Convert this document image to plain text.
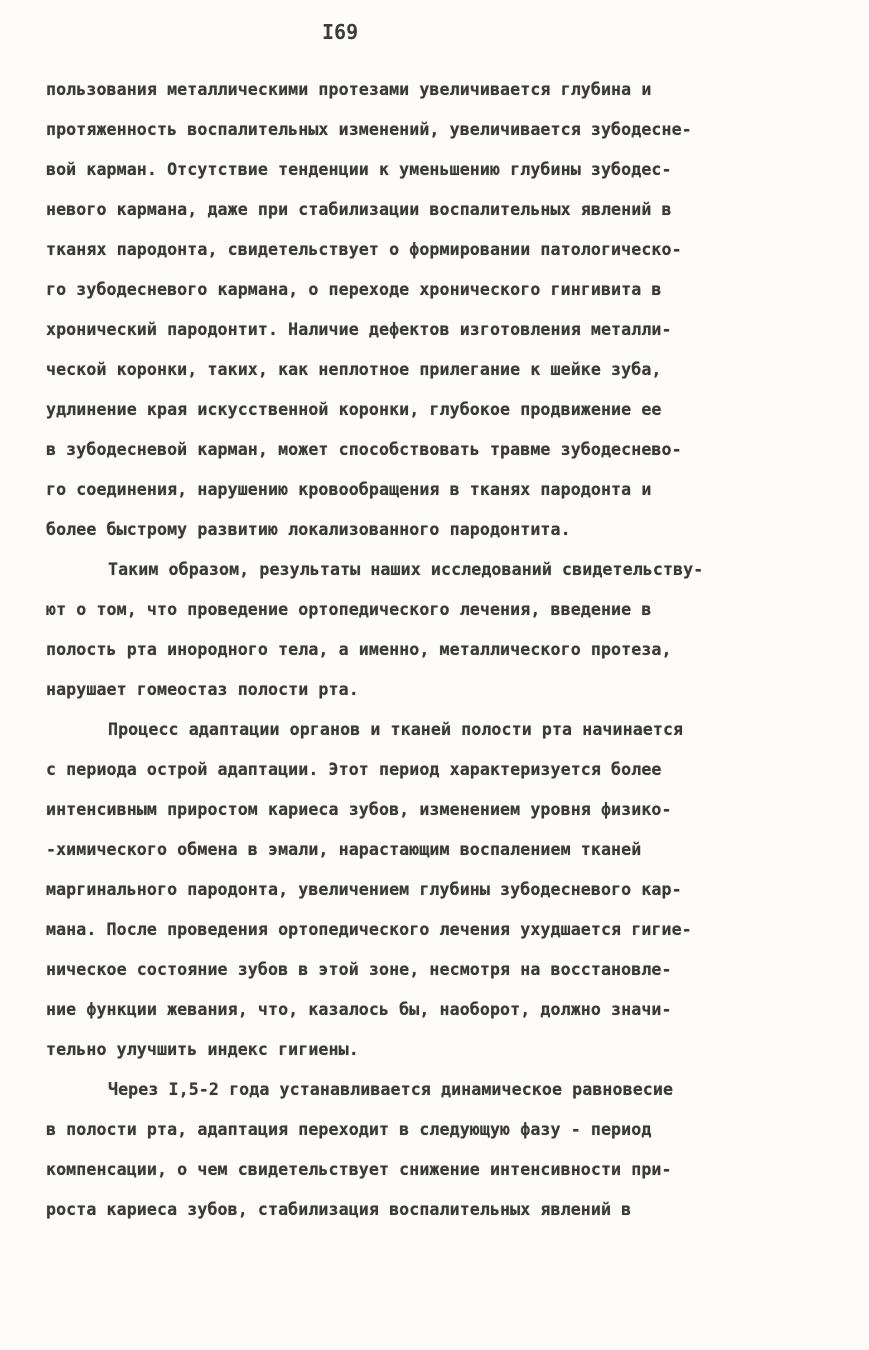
I69
пользования металлическими протезами увеличивается глубина и
протяженность воспалительных изменений, увеличивается зубодесне-
вой карман. Отсутствие тенденции к уменьшению глубины зубодес-
невого кармана, даже при стабилизации воспалительных явлений в
тканях пародонта, свидетельствует о формировании патологическо-
го зубодесневого кармана, о переходе хронического гингивита в
хронический пародонтит. Наличие дефектов изготовления металли-
ческой коронки, таких, как неплотное прилегание к шейке зуба,
удлинение края искусственной коронки, глубокое продвижение ее
в зубодесневой карман, может способствовать травме зубодеснево-
го соединения, нарушению кровообращения в тканях пародонта и
более быстрому развитию локализованного пародонтита.
Таким образом, результаты наших исследований свидетельству-
ют о том, что проведение ортопедического лечения, введение в
полость рта инородного тела, а именно, металлического протеза,
нарушает гомеостаз полости рта.
Процесс адаптации органов и тканей полости рта начинается
с периода острой адаптации. Этот период характеризуется более
интенсивным приростом кариеса зубов, изменением уровня физико-
-химического обмена в эмали, нарастающим воспалением тканей
маргинального пародонта, увеличением глубины зубодесневого кар-
мана. После проведения ортопедического лечения ухудшается гигие-
ническое состояние зубов в этой зоне, несмотря на восстановле-
ние функции жевания, что, казалось бы, наоборот, должно значи-
тельно улучшить индекс гигиены.
Через I,5-2 года устанавливается динамическое равновесие
в полости рта, адаптация переходит в следующую фазу - период
компенсации, о чем свидетельствует снижение интенсивности при-
роста кариеса зубов, стабилизация воспалительных явлений в
